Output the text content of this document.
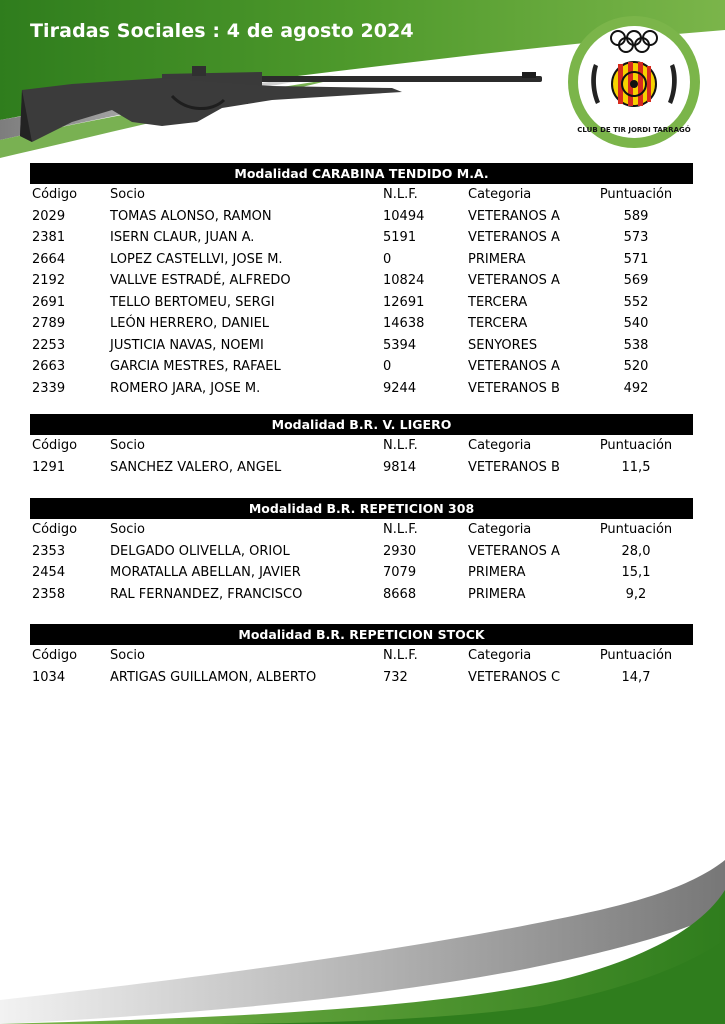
Tiradas Sociales : 4 de agosto 2024
CLUB DE TIR JORDI TARRAGÓ
Modalidad CARABINA TENDIDO M.A.
Código	Socio	N.L.F.	Categoria	Puntuación
2029	TOMAS ALONSO, RAMON	10494	VETERANOS A	589
2381	ISERN CLAUR, JUAN A.	5191	VETERANOS A	573
2664	LOPEZ CASTELLVI, JOSE M.	0	PRIMERA	571
2192	VALLVE ESTRADÉ, ALFREDO	10824	VETERANOS A	569
2691	TELLO BERTOMEU, SERGI	12691	TERCERA	552
2789	LEÓN HERRERO, DANIEL	14638	TERCERA	540
2253	JUSTICIA NAVAS, NOEMI	5394	SENYORES	538
2663	GARCIA MESTRES, RAFAEL	0	VETERANOS A	520
2339	ROMERO JARA, JOSE M.	9244	VETERANOS B	492
Modalidad B.R. V. LIGERO
Código	Socio	N.L.F.	Categoria	Puntuación
1291	SANCHEZ VALERO, ANGEL	9814	VETERANOS B	11,5
Modalidad B.R. REPETICION 308
Código	Socio	N.L.F.	Categoria	Puntuación
2353	DELGADO OLIVELLA, ORIOL	2930	VETERANOS A	28,0
2454	MORATALLA ABELLAN, JAVIER	7079	PRIMERA	15,1
2358	RAL FERNANDEZ, FRANCISCO	8668	PRIMERA	9,2
Modalidad B.R. REPETICION STOCK
Código	Socio	N.L.F.	Categoria	Puntuación
1034	ARTIGAS GUILLAMON, ALBERTO	732	VETERANOS C	14,7
